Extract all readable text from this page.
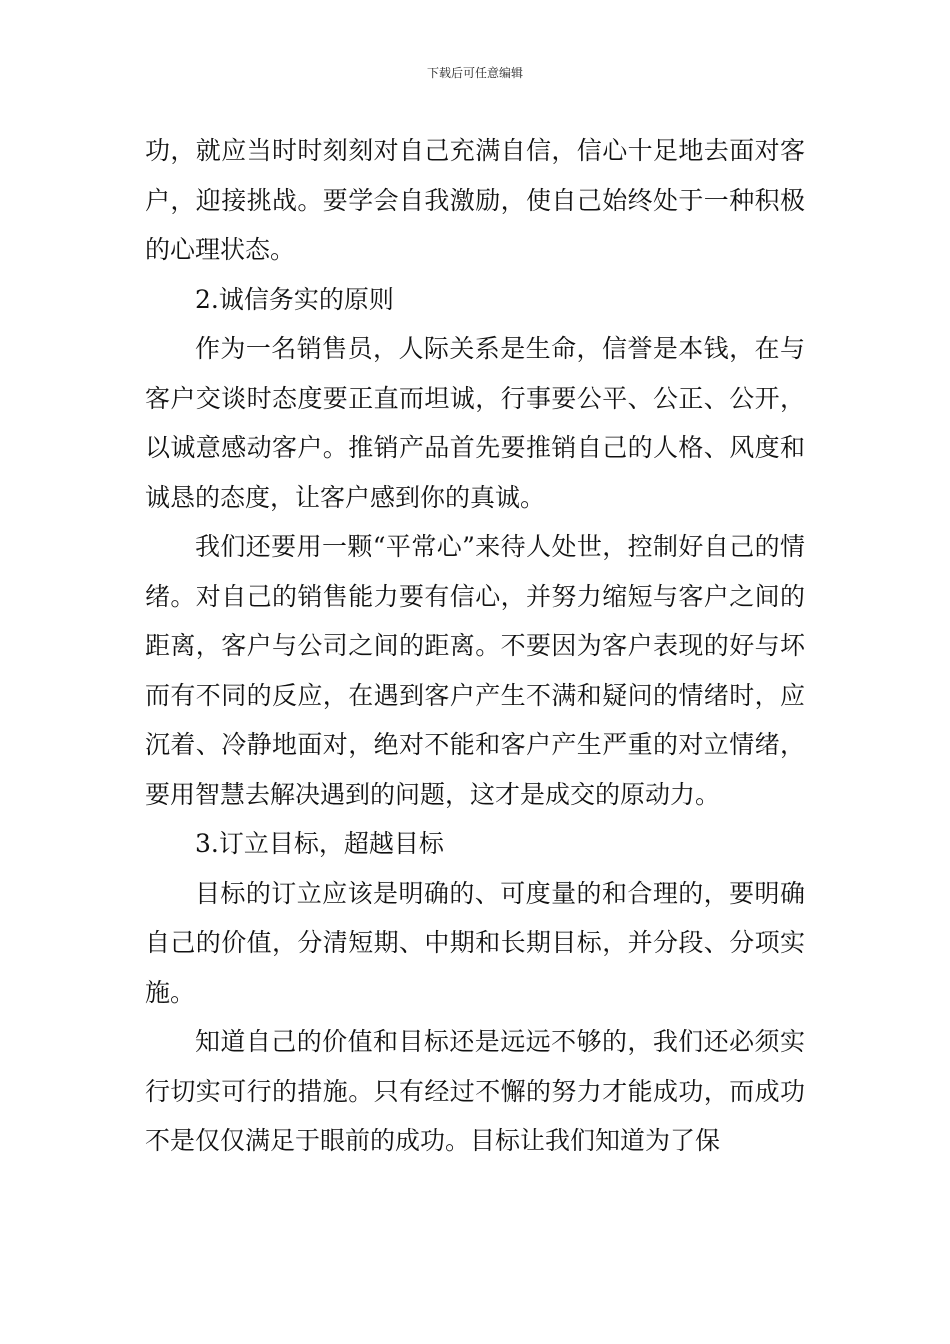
下载后可任意编辑

功，就应当时时刻刻对自己充满自信，信心十足地去面对客户，迎接挑战。要学会自我激励，使自己始终处于一种积极的心理状态。

2.诚信务实的原则

作为一名销售员，人际关系是生命，信誉是本钱，在与客户交谈时态度要正直而坦诚，行事要公平、公正、公开，以诚意感动客户。推销产品首先要推销自己的人格、风度和诚恳的态度，让客户感到你的真诚。

我们还要用一颗“平常心”来待人处世，控制好自己的情绪。对自己的销售能力要有信心，并努力缩短与客户之间的距离，客户与公司之间的距离。不要因为客户表现的好与坏而有不同的反应，在遇到客户产生不满和疑问的情绪时，应沉着、冷静地面对，绝对不能和客户产生严重的对立情绪，要用智慧去解决遇到的问题，这才是成交的原动力。

3.订立目标，超越目标

目标的订立应该是明确的、可度量的和合理的，要明确自己的价值，分清短期、中期和长期目标，并分段、分项实施。

知道自己的价值和目标还是远远不够的，我们还必须实行切实可行的措施。只有经过不懈的努力才能成功，而成功不是仅仅满足于眼前的成功。目标让我们知道为了保
